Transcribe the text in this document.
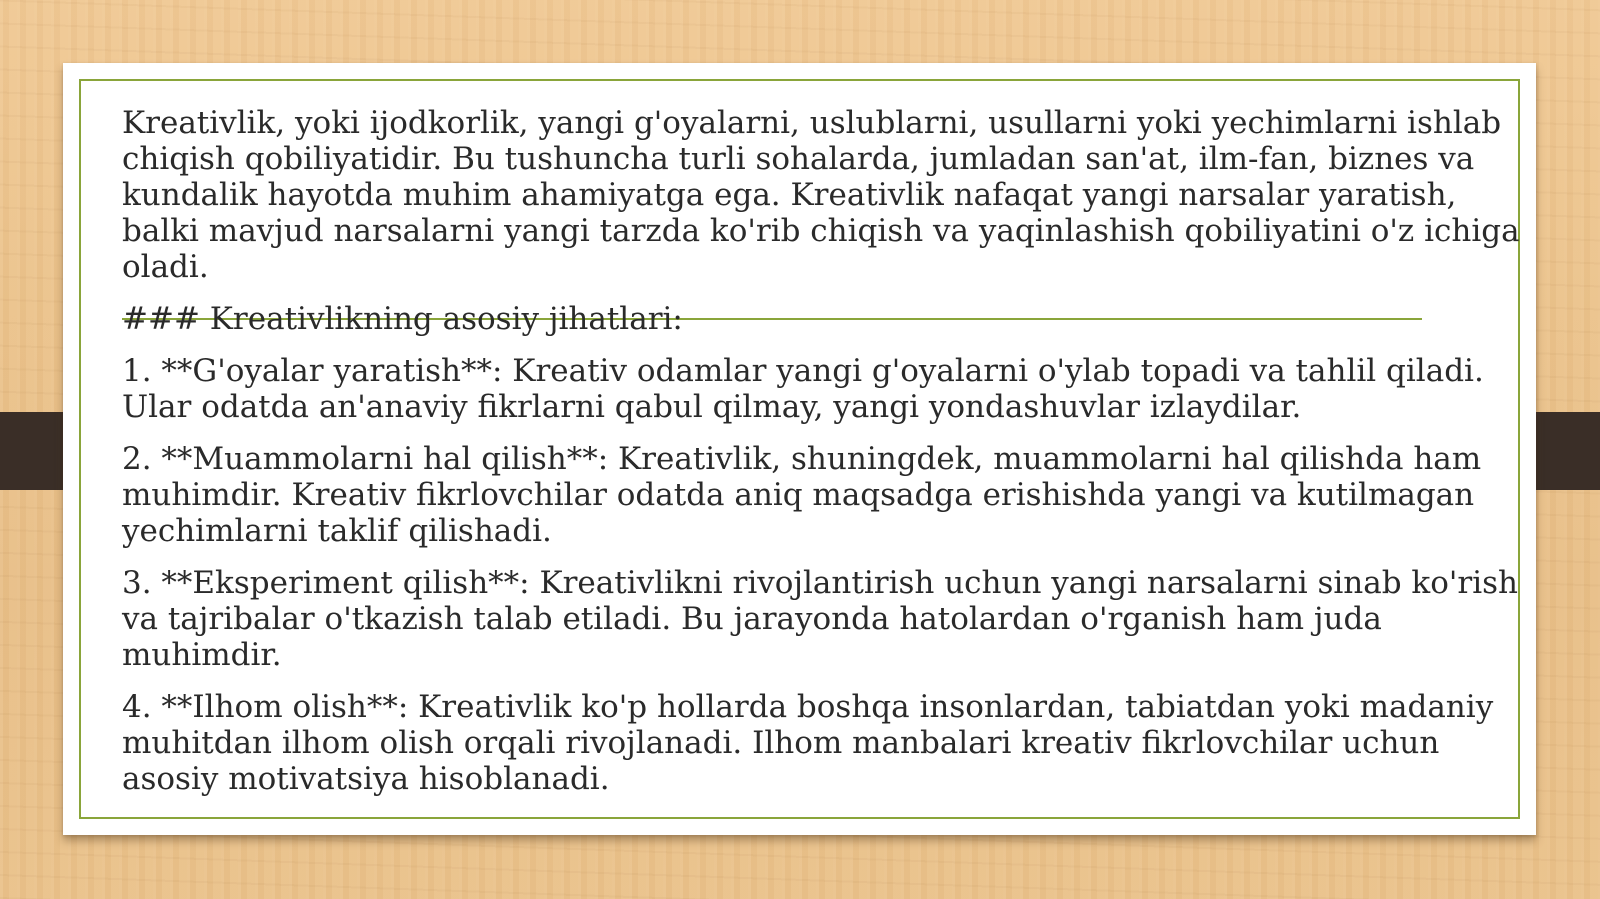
Kreativlik, yoki ijodkorlik, yangi g'oyalarni, uslublarni, usullarni yoki yechimlarni ishlab chiqish qobiliyatidir. Bu tushuncha turli sohalarda, jumladan san'at, ilm-fan, biznes va kundalik hayotda muhim ahamiyatga ega. Kreativlik nafaqat yangi narsalar yaratish, balki mavjud narsalarni yangi tarzda ko'rib chiqish va yaqinlashish qobiliyatini o'z ichiga oladi.

### Kreativlikning asosiy jihatlari:

1. **G'oyalar yaratish**: Kreativ odamlar yangi g'oyalarni o'ylab topadi va tahlil qiladi. Ular odatda an'anaviy fikrlarni qabul qilmay, yangi yondashuvlar izlaydilar.

2. **Muammolarni hal qilish**: Kreativlik, shuningdek, muammolarni hal qilishda ham muhimdir. Kreativ fikrlovchilar odatda aniq maqsadga erishishda yangi va kutilmagan yechimlarni taklif qilishadi.

3. **Eksperiment qilish**: Kreativlikni rivojlantirish uchun yangi narsalarni sinab ko'rish va tajribalar o'tkazish talab etiladi. Bu jarayonda hatolardan o'rganish ham juda muhimdir.

4. **Ilhom olish**: Kreativlik ko'p hollarda boshqa insonlardan, tabiatdan yoki madaniy muhitdan ilhom olish orqali rivojlanadi. Ilhom manbalari kreativ fikrlovchilar uchun asosiy motivatsiya hisoblanadi.
